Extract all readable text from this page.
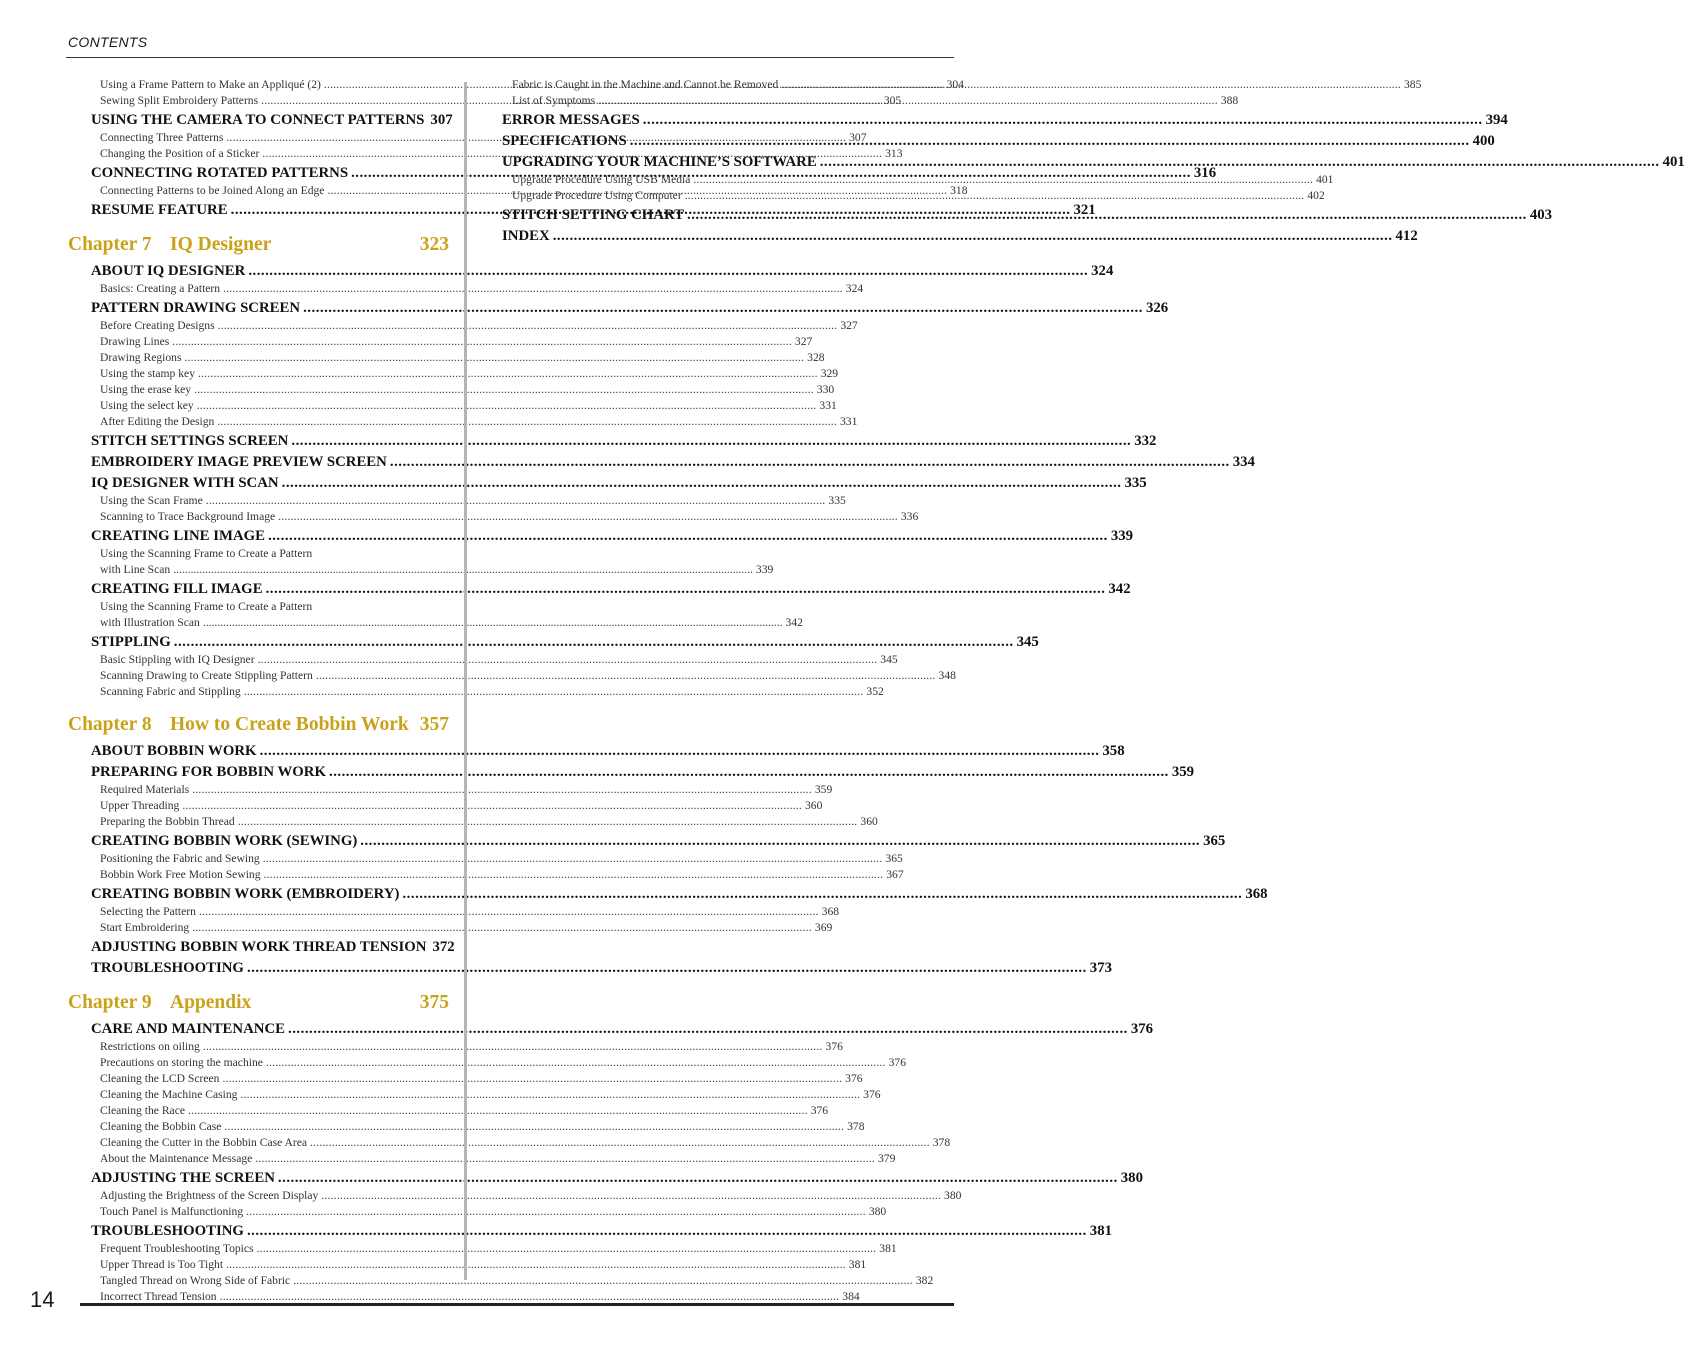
CONTENTS
Using a Frame Pattern to Make an Appliqué (2) .....	304
Sewing Split Embroidery Patterns .....	305
USING THE CAMERA TO CONNECT PATTERNS 307
Connecting Three Patterns .....	307
Changing the Position of a Sticker .....	313
CONNECTING ROTATED PATTERNS .....	316
Connecting Patterns to be Joined Along an Edge .....	318
RESUME FEATURE .....	321
Chapter 7 IQ Designer	323
ABOUT IQ DESIGNER .....	324
Basics: Creating a Pattern .....	324
PATTERN DRAWING SCREEN .....	326
Before Creating Designs .....	327
Drawing Lines .....	327
Drawing Regions .....	328
Using the stamp key .....	329
Using the erase key .....	330
Using the select key .....	331
After Editing the Design .....	331
STITCH SETTINGS SCREEN .....	332
EMBROIDERY IMAGE PREVIEW SCREEN .....	334
IQ DESIGNER WITH SCAN .....	335
Using the Scan Frame .....	335
Scanning to Trace Background Image .....	336
CREATING LINE IMAGE .....	339
Using the Scanning Frame to Create a Pattern
with Line Scan .....	339
CREATING FILL IMAGE .....	342
Using the Scanning Frame to Create a Pattern
with Illustration Scan .....	342
STIPPLING .....	345
Basic Stippling with IQ Designer .....	345
Scanning Drawing to Create Stippling Pattern .....	348
Scanning Fabric and Stippling .....	352
Chapter 8 How to Create Bobbin Work 357
ABOUT BOBBIN WORK .....	358
PREPARING FOR BOBBIN WORK .....	359
Required Materials .....	359
Upper Threading .....	360
Preparing the Bobbin Thread .....	360
CREATING BOBBIN WORK (SEWING) .....	365
Positioning the Fabric and Sewing .....	365
Bobbin Work Free Motion Sewing .....	367
CREATING BOBBIN WORK (EMBROIDERY) .....	368
Selecting the Pattern .....	368
Start Embroidering .....	369
ADJUSTING BOBBIN WORK THREAD TENSION 372
TROUBLESHOOTING .....	373
Chapter 9 Appendix	375
CARE AND MAINTENANCE .....	376
Restrictions on oiling .....	376
Precautions on storing the machine .....	376
Cleaning the LCD Screen .....	376
Cleaning the Machine Casing .....	376
Cleaning the Race .....	376
Cleaning the Bobbin Case .....	378
Cleaning the Cutter in the Bobbin Case Area .....	378
About the Maintenance Message .....	379
ADJUSTING THE SCREEN .....	380
Adjusting the Brightness of the Screen Display .....	380
Touch Panel is Malfunctioning .....	380
TROUBLESHOOTING .....	381
Frequent Troubleshooting Topics .....	381
Upper Thread is Too Tight .....	381
Tangled Thread on Wrong Side of Fabric .....	382
Incorrect Thread Tension .....	384
Fabric is Caught in the Machine and Cannot be Removed .....	385
List of Symptoms .....	388
ERROR MESSAGES .....	394
SPECIFICATIONS .....	400
UPGRADING YOUR MACHINE’S SOFTWARE .....	401
Upgrade Procedure Using USB Media .....	401
Upgrade Procedure Using Computer .....	402
STITCH SETTING CHART .....	403
INDEX .....	412
14
